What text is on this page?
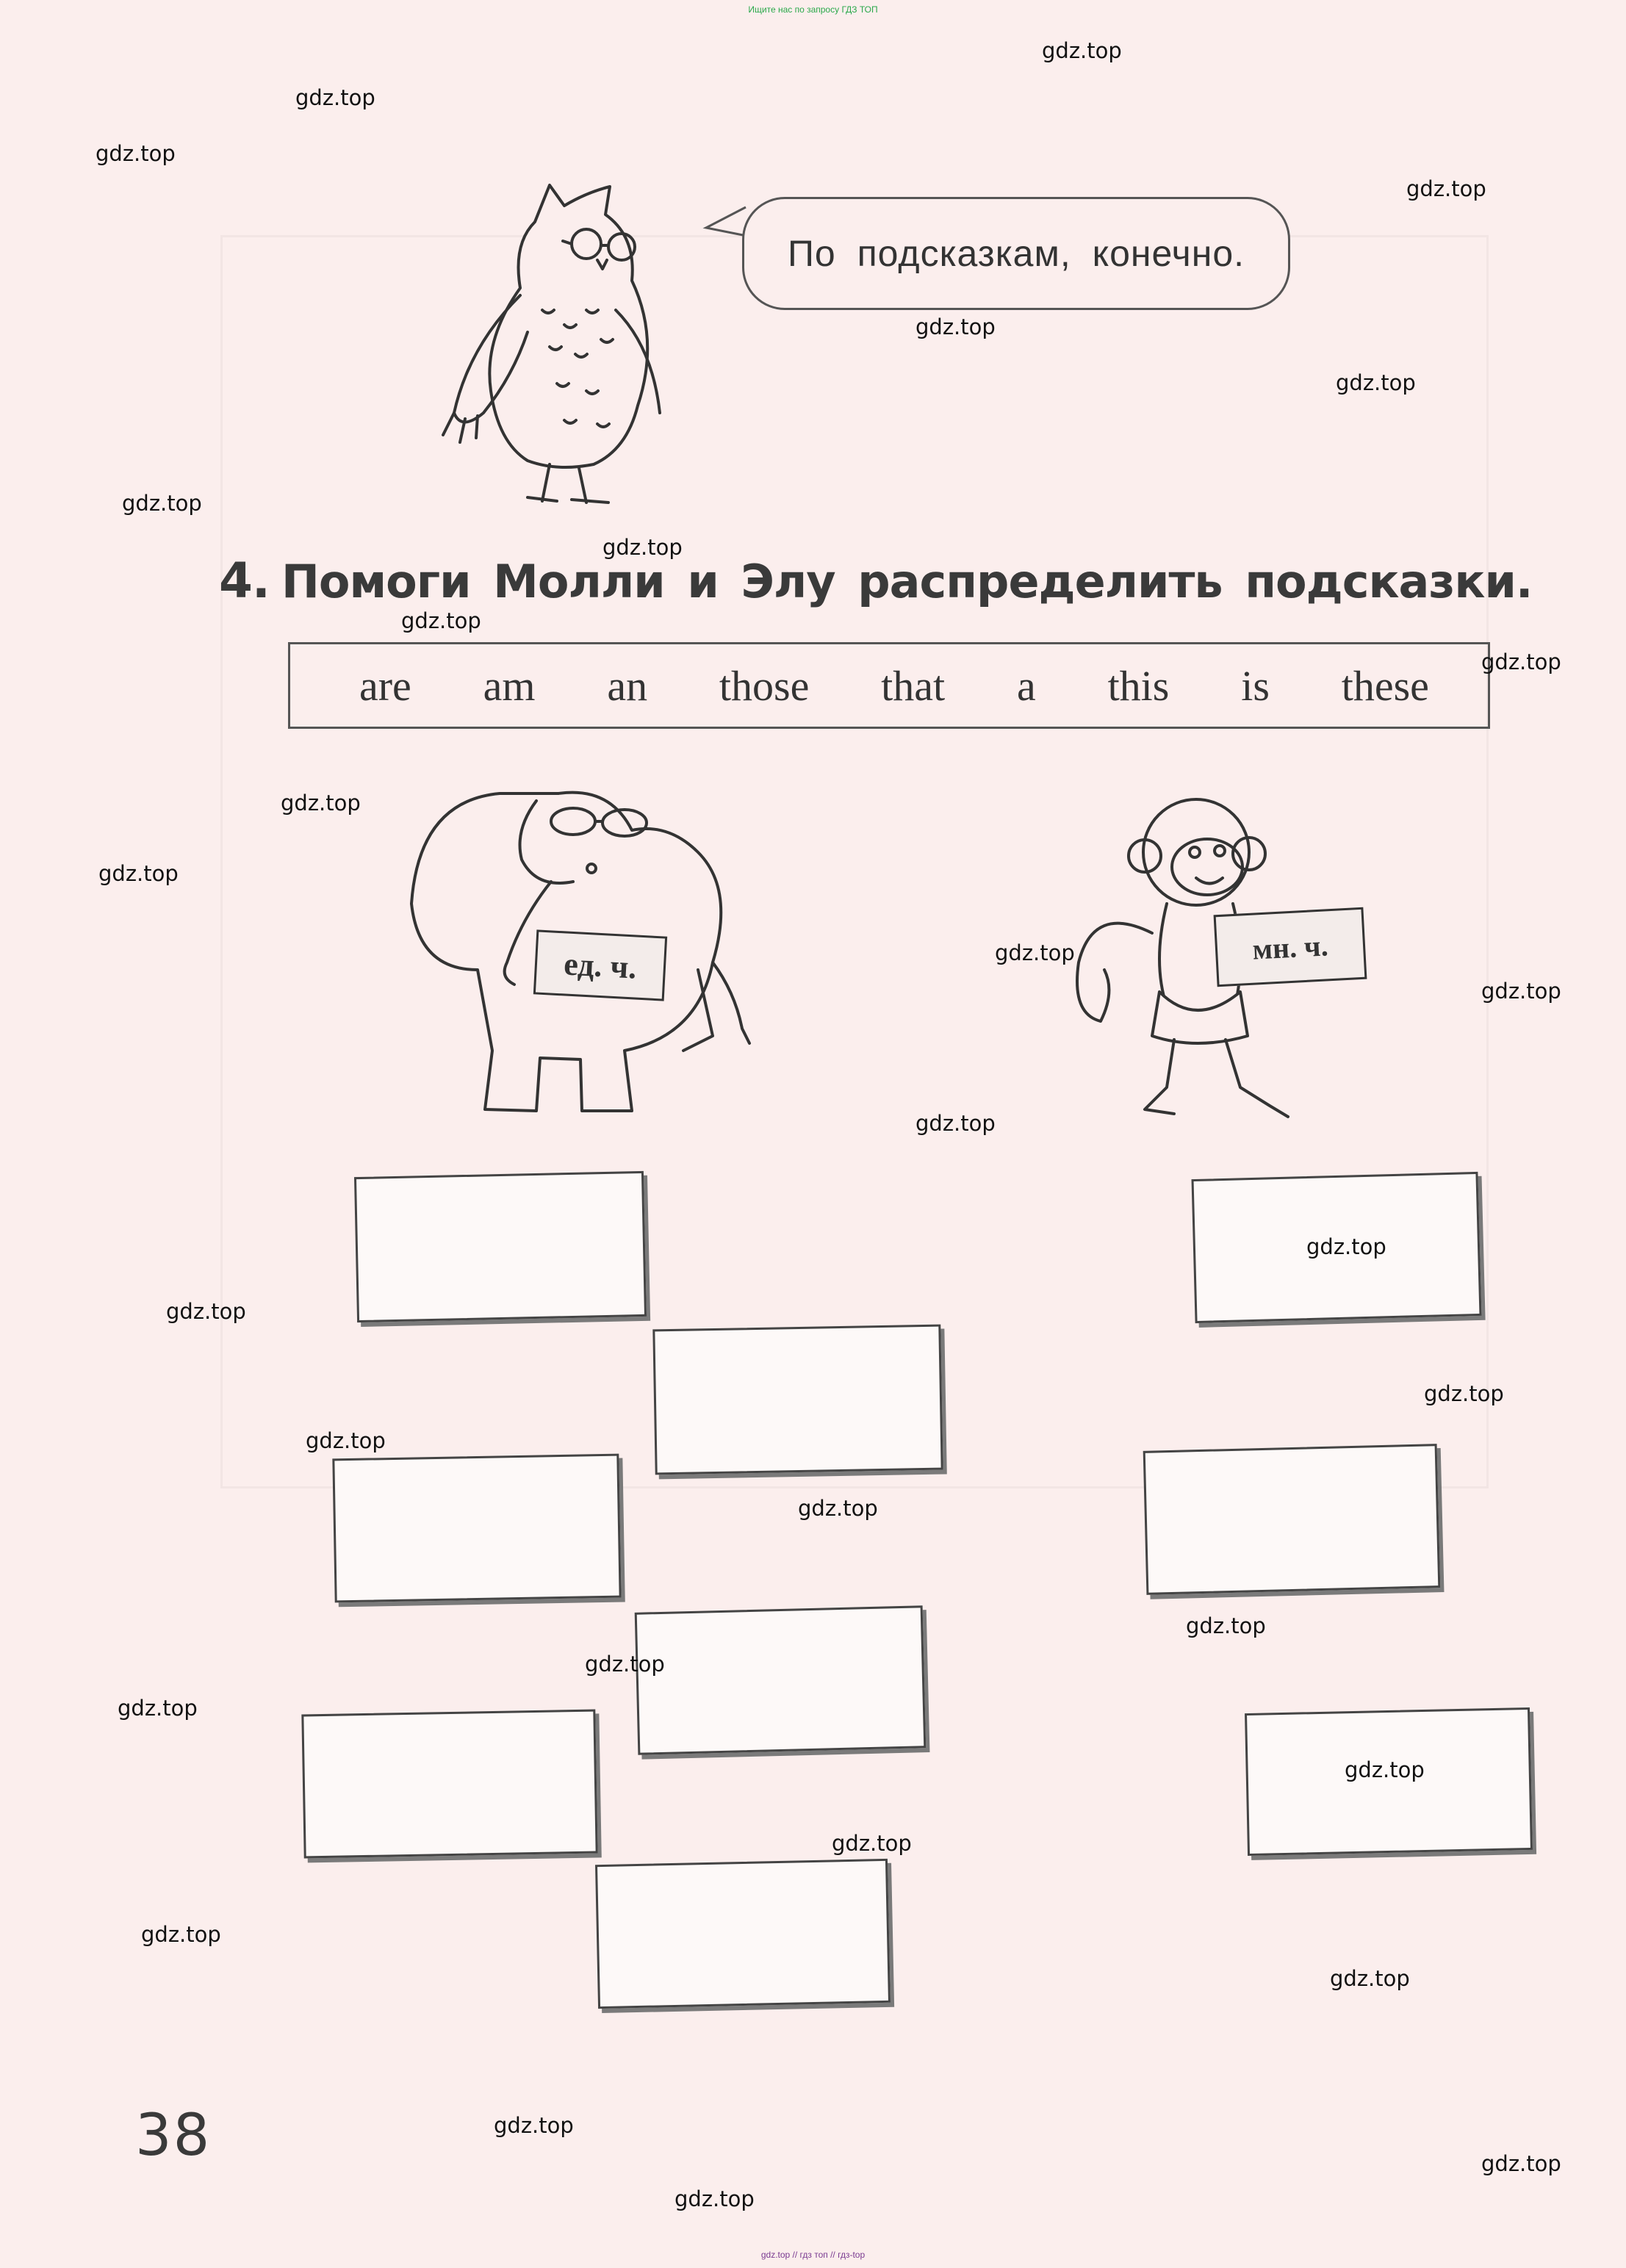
Ищите нас по запросу ГДЗ ТОП
gdz.top // гдз топ // гдз-top
По подсказкам, конечно.
4. Помоги Молли и Элу распределить подсказки.
are am an those that a this is these
ед. ч.	мн. ч.
38
gdz.top
gdz.top
gdz.top
gdz.top
gdz.top
gdz.top
gdz.top
gdz.top
gdz.top
gdz.top
gdz.top
gdz.top
gdz.top
gdz.top
gdz.top
gdz.top
gdz.top
gdz.top
gdz.top
gdz.top
gdz.top
gdz.top
gdz.top
gdz.top
gdz.top
gdz.top
gdz.top
gdz.top
gdz.top
gdz.top
